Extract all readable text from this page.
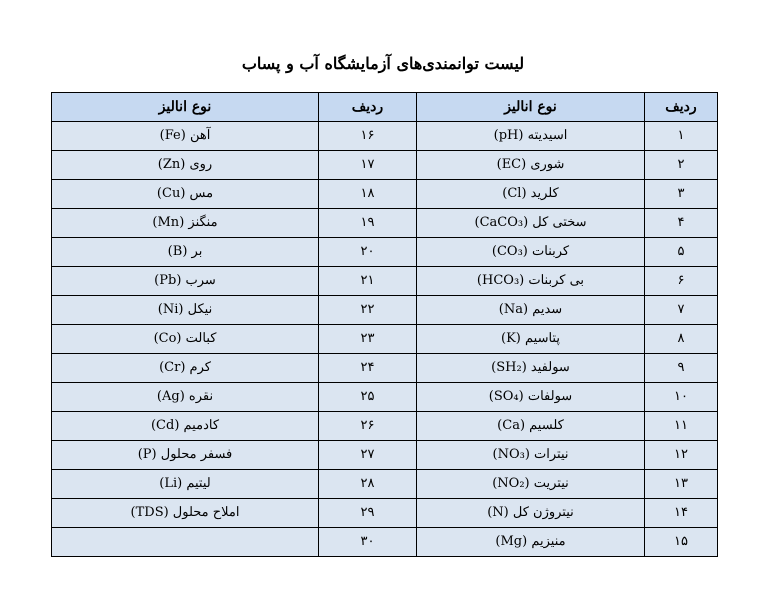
لیست توانمندی‌های آزمایشگاه آب و پساب
ردیف	نوع انالیز	ردیف	نوع انالیز
۱	اسیدیته (pH)	۱۶	آهن (Fe)
۲	شوری (EC)	۱۷	روی (Zn)
۳	کلرید (Cl)	۱۸	مس (Cu)
۴	سختی کل (CaCO₃)	۱۹	منگنز (Mn)
۵	کربنات (CO₃)	۲۰	بر (B)
۶	بی کربنات (HCO₃)	۲۱	سرب (Pb)
۷	سدیم (Na)	۲۲	نیکل (Ni)
۸	پتاسیم (K)	۲۳	کبالت (Co)
۹	سولفید (SH₂)	۲۴	کرم (Cr)
۱۰	سولفات (SO₄)	۲۵	نقره (Ag)
۱۱	کلسیم (Ca)	۲۶	کادمیم (Cd)
۱۲	نیترات (NO₃)	۲۷	فسفر محلول (P)
۱۳	نیتریت (NO₂)	۲۸	لیتیم (Li)
۱۴	نیتروژن کل (N)	۲۹	املاح محلول (TDS)
۱۵	منیزیم (Mg)	۳۰	
